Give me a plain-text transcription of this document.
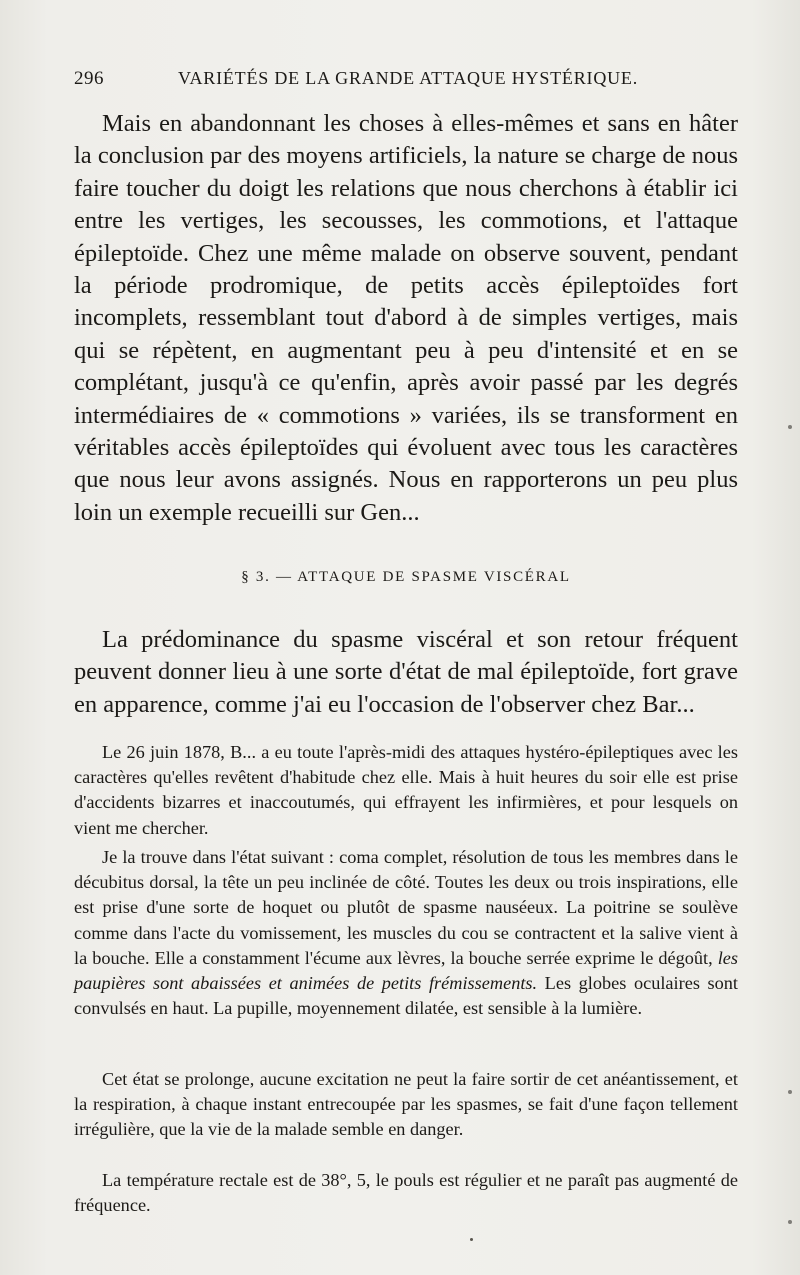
296	VARIÉTÉS DE LA GRANDE ATTAQUE HYSTÉRIQUE.

Mais en abandonnant les choses à elles-mêmes et sans en hâter la conclusion par des moyens artificiels, la nature se charge de nous faire toucher du doigt les relations que nous cherchons à établir ici entre les vertiges, les secousses, les commotions, et l'attaque épileptoïde. Chez une même malade on observe souvent, pendant la période prodromique, de petits accès épileptoïdes fort incomplets, ressemblant tout d'abord à de simples vertiges, mais qui se répètent, en augmentant peu à peu d'intensité et en se complétant, jusqu'à ce qu'enfin, après avoir passé par les degrés intermédiaires de « commotions » variées, ils se transforment en véritables accès épileptoïdes qui évoluent avec tous les caractères que nous leur avons assignés. Nous en rapporterons un peu plus loin un exemple recueilli sur Gen...

§ 3. — ATTAQUE DE SPASME VISCÉRAL

La prédominance du spasme viscéral et son retour fréquent peuvent donner lieu à une sorte d'état de mal épileptoïde, fort grave en apparence, comme j'ai eu l'occasion de l'observer chez Bar...

Le 26 juin 1878, B... a eu toute l'après-midi des attaques hystéro-épileptiques avec les caractères qu'elles revêtent d'habitude chez elle. Mais à huit heures du soir elle est prise d'accidents bizarres et inaccoutumés, qui effrayent les infirmières, et pour lesquels on vient me chercher.

Je la trouve dans l'état suivant : coma complet, résolution de tous les membres dans le décubitus dorsal, la tête un peu inclinée de côté. Toutes les deux ou trois inspirations, elle est prise d'une sorte de hoquet ou plutôt de spasme nauséeux. La poitrine se soulève comme dans l'acte du vomissement, les muscles du cou se contractent et la salive vient à la bouche. Elle a constamment l'écume aux lèvres, la bouche serrée exprime le dégoût, les paupières sont abaissées et animées de petits frémissements. Les globes oculaires sont convulsés en haut. La pupille, moyennement dilatée, est sensible à la lumière.

Cet état se prolonge, aucune excitation ne peut la faire sortir de cet anéantissement, et la respiration, à chaque instant entrecoupée par les spasmes, se fait d'une façon tellement irrégulière, que la vie de la malade semble en danger.

La température rectale est de 38°, 5, le pouls est régulier et ne paraît pas augmenté de fréquence.
